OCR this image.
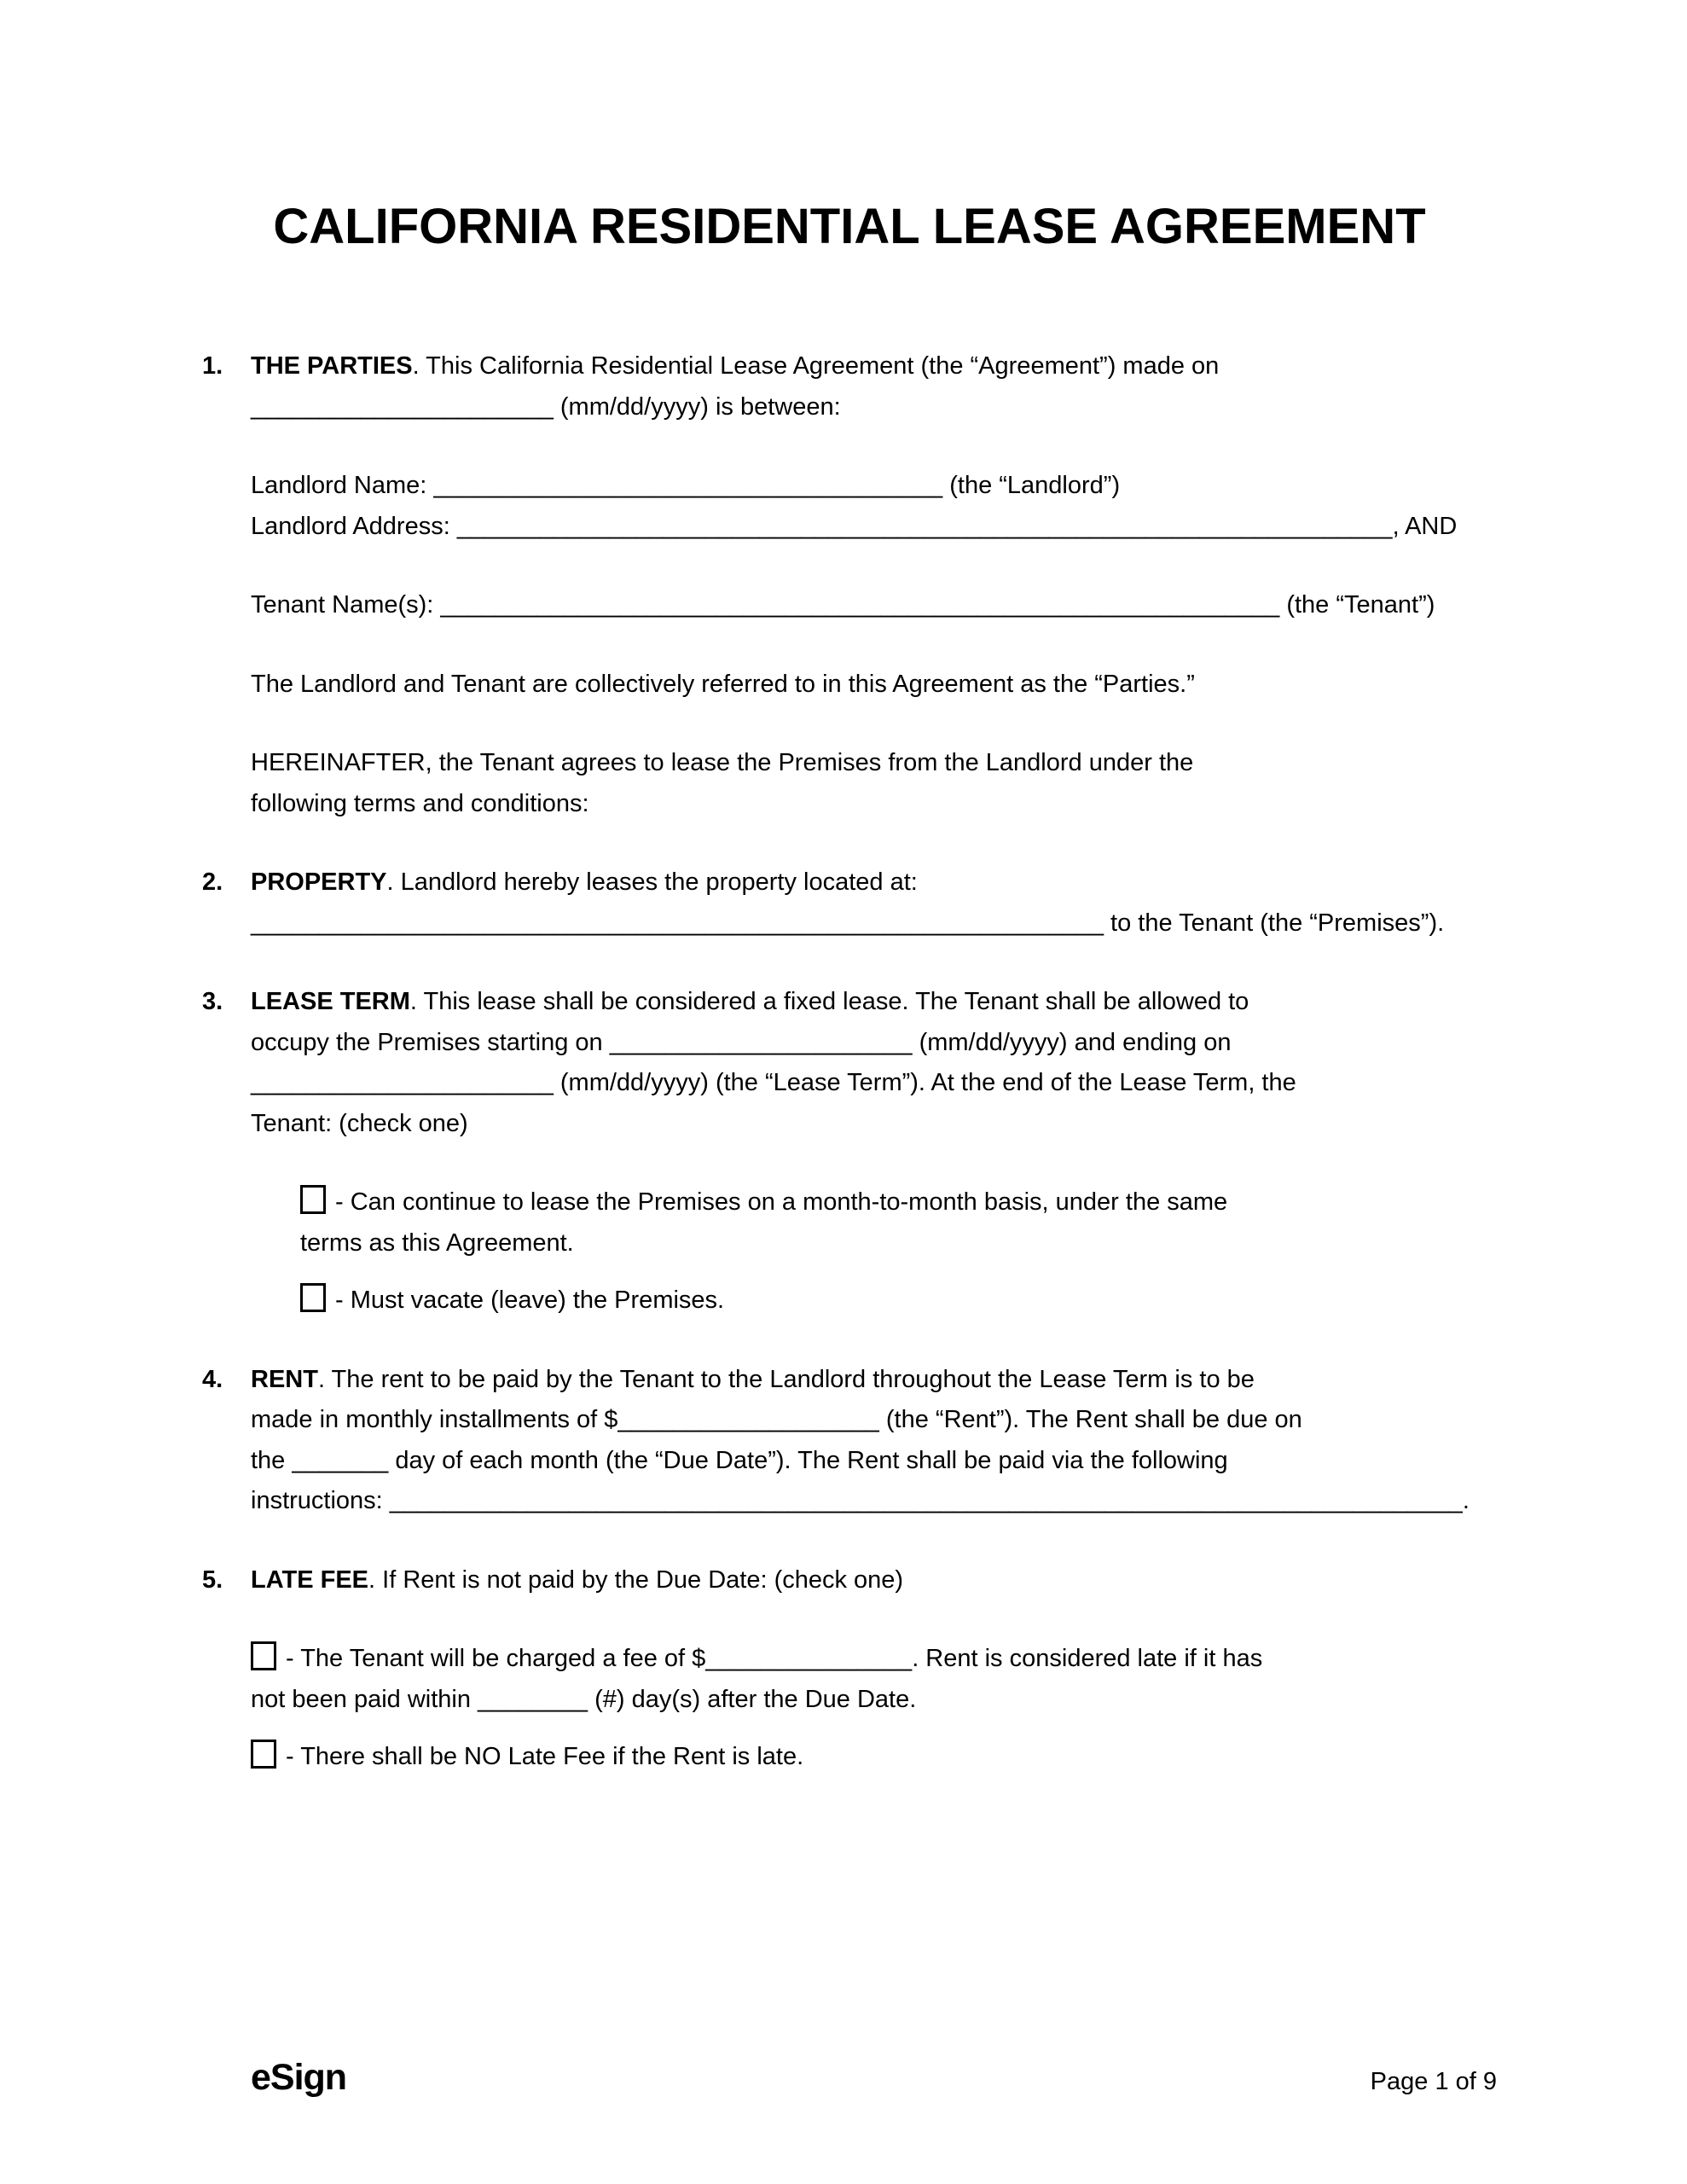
CALIFORNIA RESIDENTIAL LEASE AGREEMENT
1. THE PARTIES. This California Residential Lease Agreement (the “Agreement”) made on
______________________ (mm/dd/yyyy) is between:
Landlord Name: _____________________________________ (the “Landlord”)
Landlord Address: ____________________________________________________________________, AND
Tenant Name(s): _____________________________________________________________ (the “Tenant”)
The Landlord and Tenant are collectively referred to in this Agreement as the “Parties.”
HEREINAFTER, the Tenant agrees to lease the Premises from the Landlord under the
following terms and conditions:
2. PROPERTY. Landlord hereby leases the property located at:
______________________________________________________________ to the Tenant (the “Premises”).
3. LEASE TERM. This lease shall be considered a fixed lease. The Tenant shall be allowed to
occupy the Premises starting on ______________________ (mm/dd/yyyy) and ending on
______________________ (mm/dd/yyyy) (the “Lease Term”). At the end of the Lease Term, the
Tenant: (check one)
- Can continue to lease the Premises on a month-to-month basis, under the same
terms as this Agreement.
- Must vacate (leave) the Premises.
4. RENT. The rent to be paid by the Tenant to the Landlord throughout the Lease Term is to be
made in monthly installments of $___________________ (the “Rent”). The Rent shall be due on
the _______ day of each month (the “Due Date”). The Rent shall be paid via the following
instructions: ______________________________________________________________________________.
5. LATE FEE. If Rent is not paid by the Due Date: (check one)
- The Tenant will be charged a fee of $_______________. Rent is considered late if it has
not been paid within ________ (#) day(s) after the Due Date.
- There shall be NO Late Fee if the Rent is late.
eSign	Page 1 of 9
